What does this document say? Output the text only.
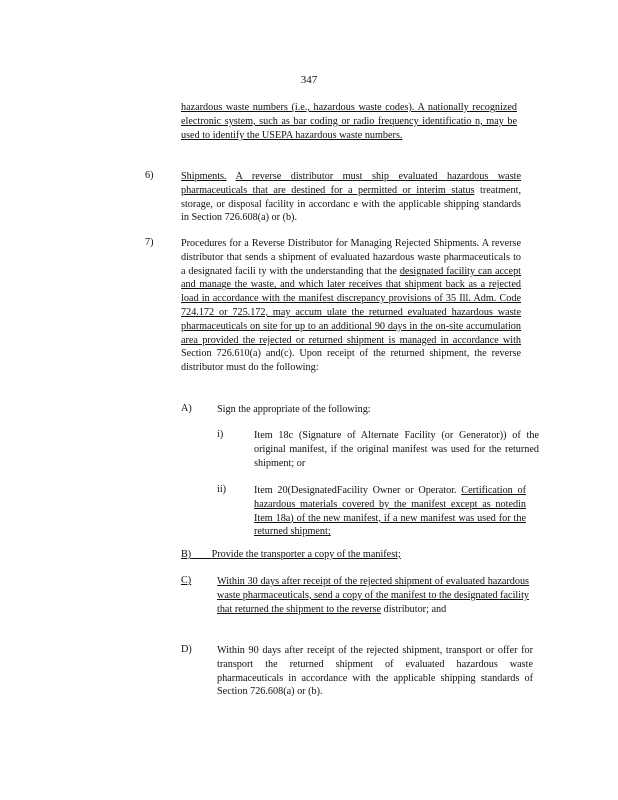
347
hazardous waste numbers (i.e., hazardous waste codes). A nationally recognized electronic system, such as bar coding or radio frequency identificatio n, may be used to identify the USEPA hazardous waste numbers.
6)	Shipments. A reverse distributor must ship evaluated hazardous waste pharmaceuticals that are destined for a permitted or interim status treatment, storage, or disposal facility in accordanc e with the applicable shipping standards in Section 726.608(a) or (b).
7)	Procedures for a Reverse Distributor for Managing Rejected Shipments. A reverse distributor that sends a shipment of evaluated hazardous waste pharmaceuticals to a designated facili ty with the understanding that the designated facility can accept and manage the waste, and which later receives that shipment back as a rejected load in accordance with the manifest discrepancy provisions of 35 Ill. Adm. Code 724.172 or 725.172, may accum ulate the returned evaluated hazardous waste pharmaceuticals on site for up to an additional 90 days in the on-site accumulation area provided the rejected or returned shipment is managed in accordance with Section 726.610(a) and(c). Upon receipt of the returned shipment, the reverse distributor must do the following:
A) Sign the appropriate of the following:
i)	Item 18c (Signature of Alternate Facility (or Generator)) of the original manifest, if the original manifest was used for the returned shipment; or
ii)	Item 20(DesignatedFacility Owner or Operator. Certification of hazardous materials covered by the manifest except as notedin Item 18a) of the new manifest, if a new manifest was used for the returned shipment;
B) Provide the transporter a copy of the manifest;
C)	Within 30 days after receipt of the rejected shipment of evaluated hazardous waste pharmaceuticals, send a copy of the manifest to the designated facility that returned the shipment to the reverse distributor; and
D) Within 90 days after receipt of the rejected shipment, transport or offer for transport the returned shipment of evaluated hazardous waste pharmaceuticals in accordance with the applicable shipping standards of Section 726.608(a) or (b).
